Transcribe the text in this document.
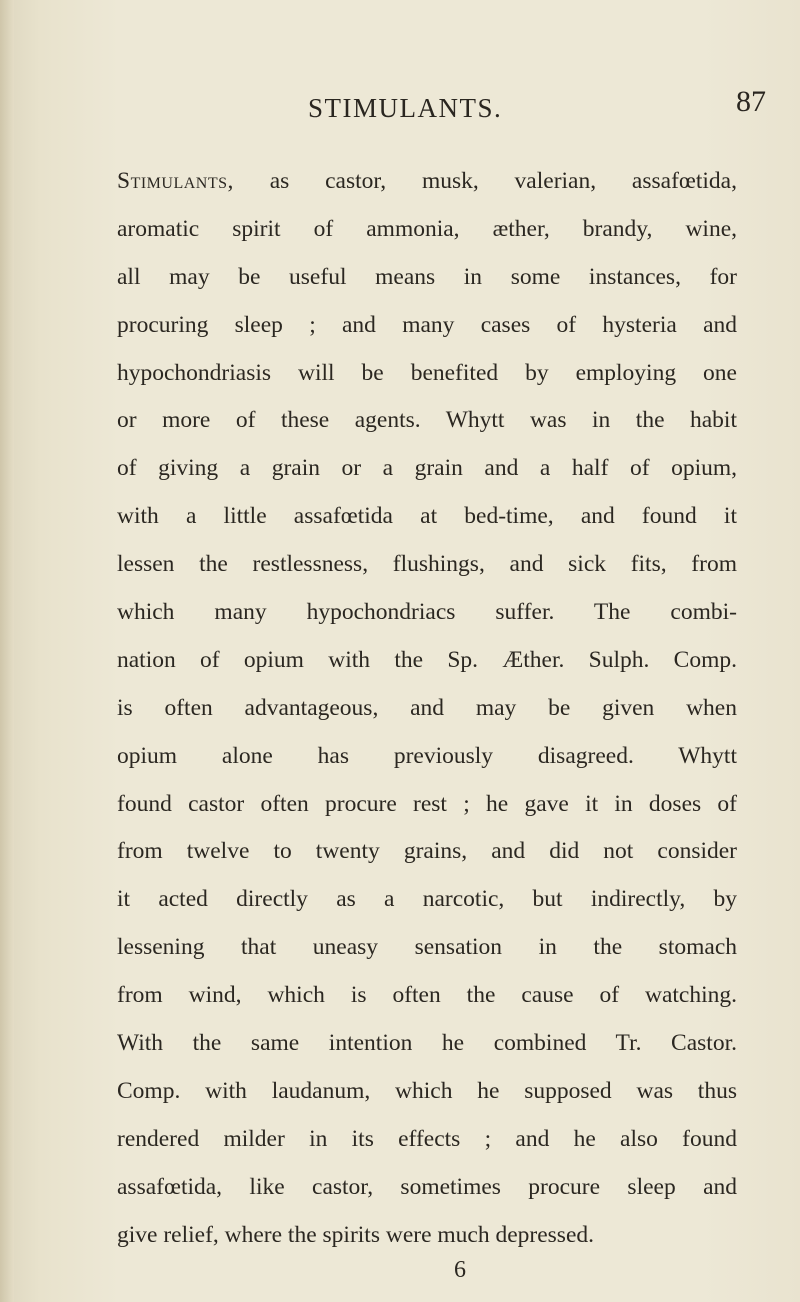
STIMULANTS.	87
Stimulants, as castor, musk, valerian, assafœtida,
aromatic spirit of ammonia, æther, brandy, wine,
all may be useful means in some instances, for
procuring sleep ; and many cases of hysteria and
hypochondriasis will be benefited by employing one
or more of these agents. Whytt was in the habit
of giving a grain or a grain and a half of opium,
with a little assafœtida at bed-time, and found it
lessen the restlessness, flushings, and sick fits, from
which many hypochondriacs suffer. The combi-
nation of opium with the Sp. Æther. Sulph. Comp.
is often advantageous, and may be given when
opium alone has previously disagreed. Whytt
found castor often procure rest ; he gave it in doses of
from twelve to twenty grains, and did not consider
it acted directly as a narcotic, but indirectly, by
lessening that uneasy sensation in the stomach
from wind, which is often the cause of watching.
With the same intention he combined Tr. Castor.
Comp. with laudanum, which he supposed was thus
rendered milder in its effects ; and he also found
assafœtida, like castor, sometimes procure sleep and
give relief, where the spirits were much depressed.
6
